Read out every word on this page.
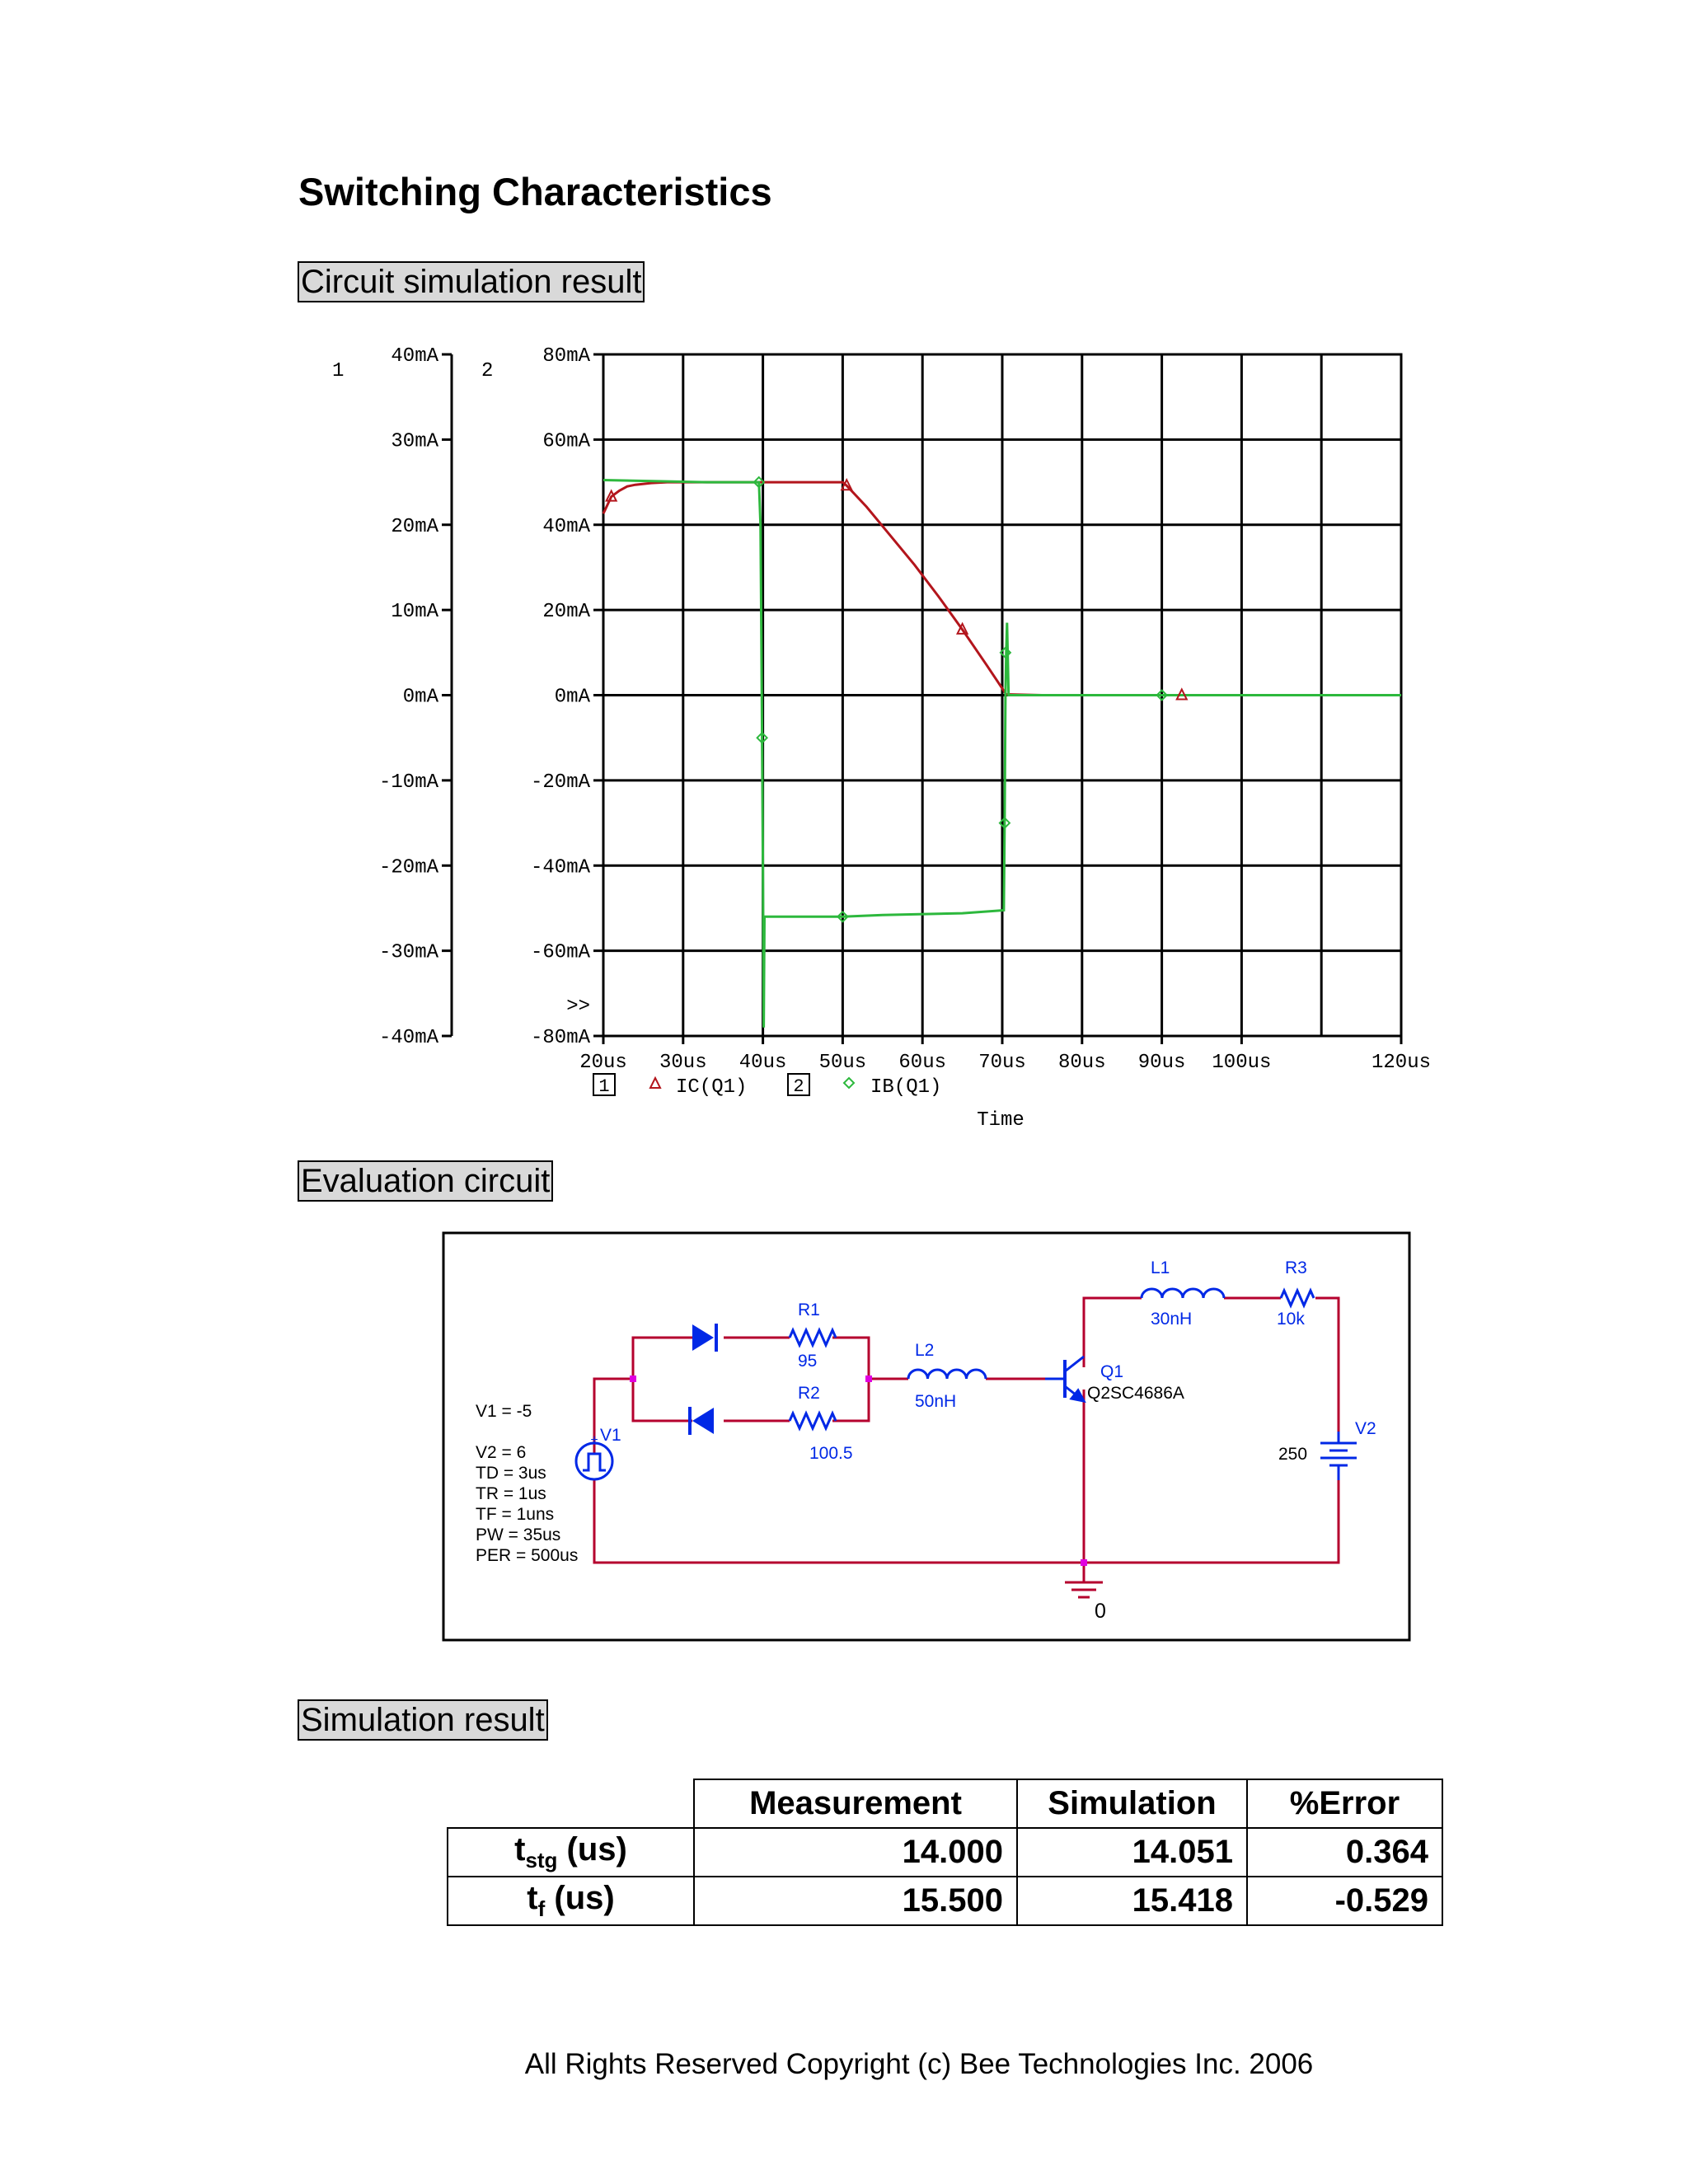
Switching Characteristics
Circuit simulation result
1	2
40mA
30mA
20mA
10mA
0mA
-10mA
-20mA
-30mA
-40mA
80mA
60mA
40mA
20mA
0mA
-20mA
-40mA
-60mA
-80mA
>>
20us 30us 40us 50us 60us 70us 80us 90us 100us	120us
Time
1	IC(Q1)	2	IB(Q1)
Evaluation circuit
+
V1 = -5
V2 = 6
TD = 3us
TR = 1us
TF = 1uns
PW = 35us
PER = 500us
V1
R1
95
R2
100.5
L2
50nH
L1
30nH
R3
10k
Q1
V2
Q2SC4686A
250
0
Simulation result
	Measurement	Simulation	%Error
$t_{stg}$ (us)	14.000	14.051	0.364
$t_f$ (us)	15.500	15.418	-0.529
All Rights Reserved Copyright (c) Bee Technologies Inc. 2006
